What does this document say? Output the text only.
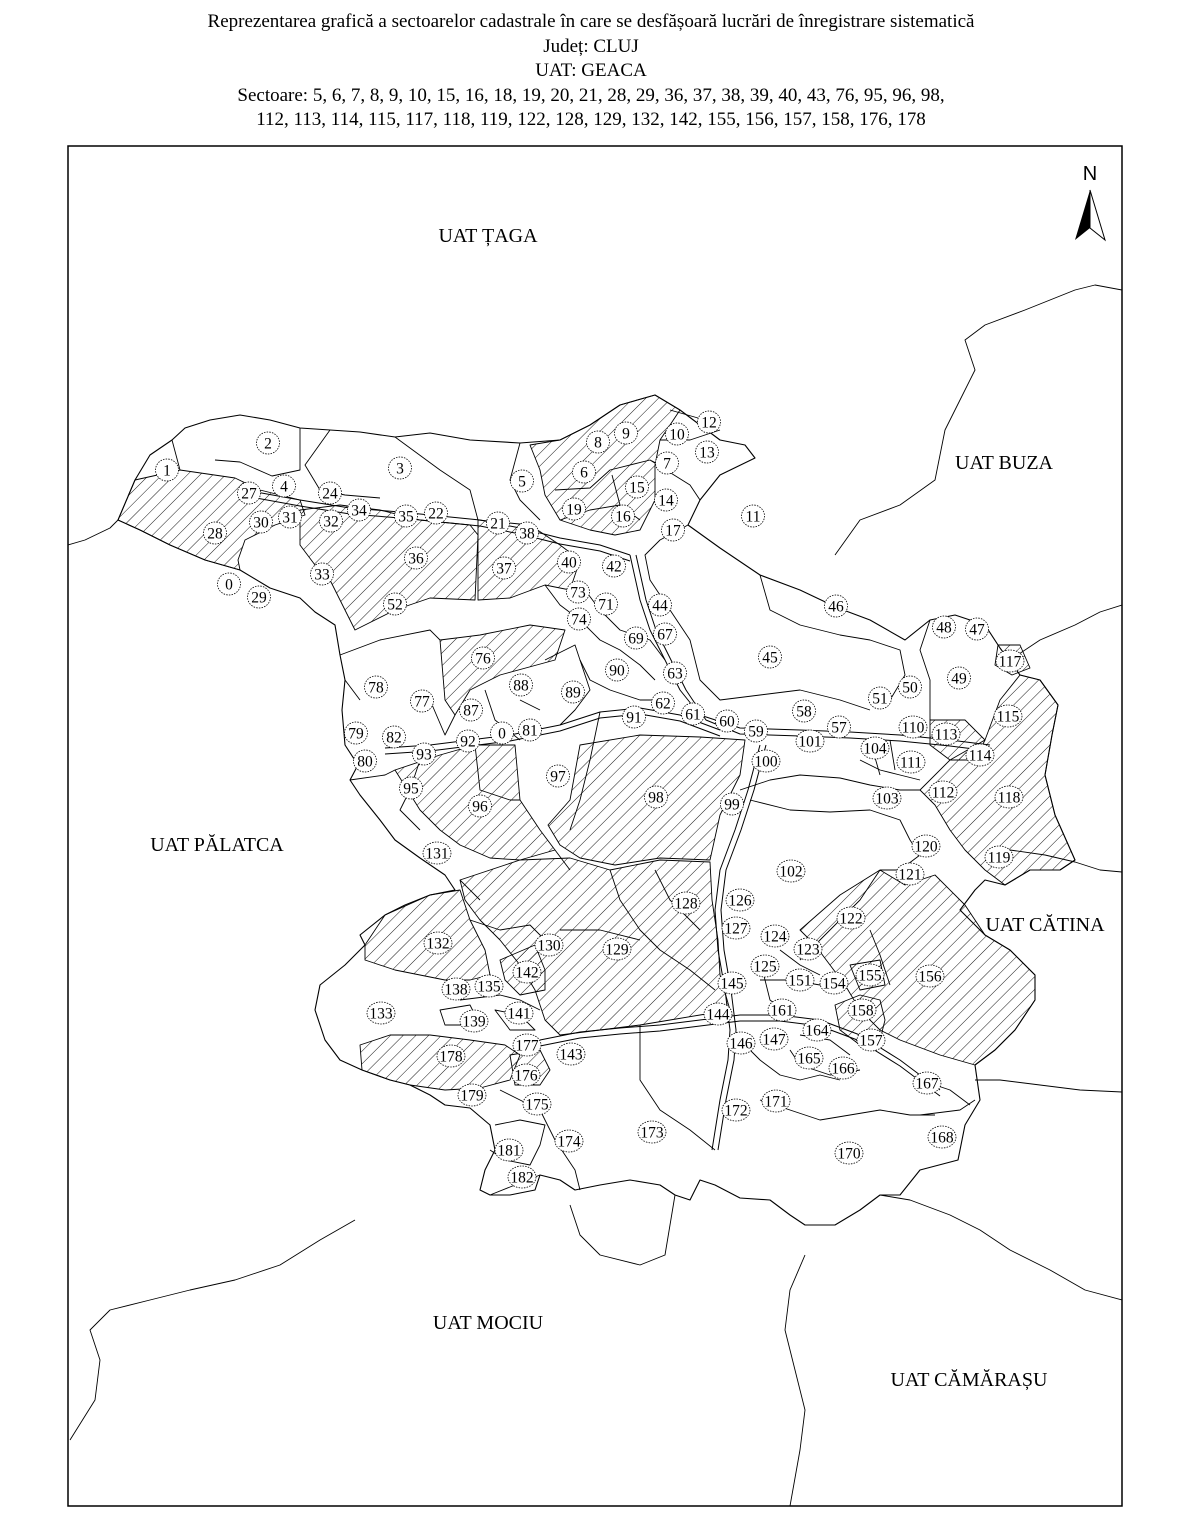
N
UAT ȚAGA
UAT BUZA
UAT PĂLATCA
UAT CĂTINA
UAT MOCIU
UAT CĂMĂRAȘU
1
2
3
4	5
6
7
8
9	10
12
13
11
14
15
16
17
19
21
22
24
27
28
30 31 32
33
34 35
36
37
38
40 42
0
29	52	44
45
46
47
48
49
50
51
58
57
59
60
61
62
63
67
69
71
73
74
76
77
78
79
80
81
82
87
88 89
90
91
92 0
93
95
96
97
98	99
100
101
102
103
104
110
111
112
113
114
115
117
118
119
120
121
122
123
124
125
126
127
128
129
130
131
132
133
135
138
139 141
142
143
144
145
146 147
151 154 155 156
157
158
161
164
165
166
167
168
170
171
172
173
174
175
176
177
178
179
181
182
Reprezentarea grafică a sectoarelor cadastrale în care se desfășoară lucrări de înregistrare sistematică
Județ: CLUJ
UAT: GEACA
Sectoare: 5, 6, 7, 8, 9, 10, 15, 16, 18, 19, 20, 21, 28, 29, 36, 37, 38, 39, 40, 43, 76, 95, 96, 98,
112, 113, 114, 115, 117, 118, 119, 122, 128, 129, 132, 142, 155, 156, 157, 158, 176, 178
